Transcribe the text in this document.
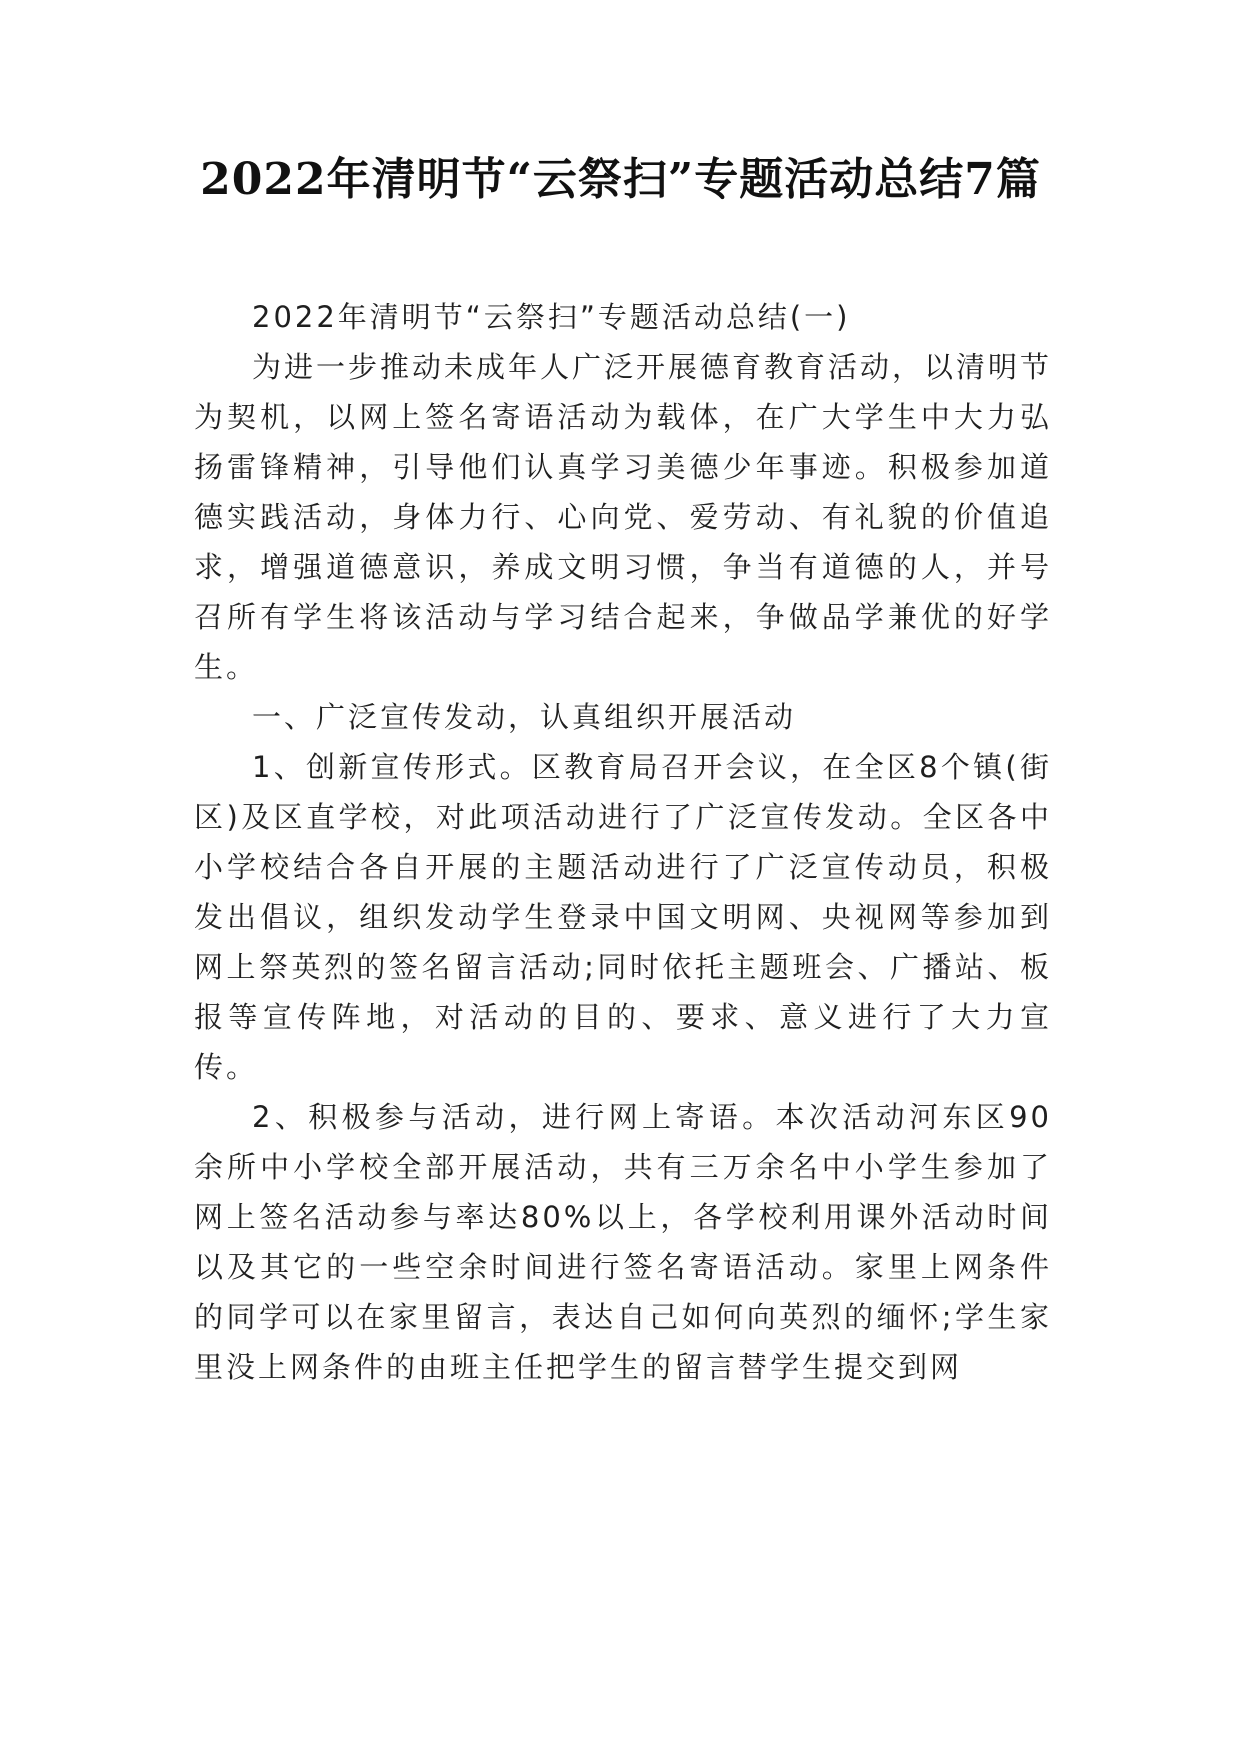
2022年清明节“云祭扫”专题活动总结7篇

2022年清明节“云祭扫”专题活动总结(一)

为进一步推动未成年人广泛开展德育教育活动，以清明节为契机，以网上签名寄语活动为载体，在广大学生中大力弘扬雷锋精神，引导他们认真学习美德少年事迹。积极参加道德实践活动，身体力行、心向党、爱劳动、有礼貌的价值追求，增强道德意识，养成文明习惯，争当有道德的人，并号召所有学生将该活动与学习结合起来，争做品学兼优的好学生。

一、广泛宣传发动，认真组织开展活动

1、创新宣传形式。区教育局召开会议，在全区8个镇(街区)及区直学校，对此项活动进行了广泛宣传发动。全区各中小学校结合各自开展的主题活动进行了广泛宣传动员，积极发出倡议，组织发动学生登录中国文明网、央视网等参加到网上祭英烈的签名留言活动;同时依托主题班会、广播站、板报等宣传阵地，对活动的目的、要求、意义进行了大力宣传。

2、积极参与活动，进行网上寄语。本次活动河东区90余所中小学校全部开展活动，共有三万余名中小学生参加了网上签名活动参与率达80%以上，各学校利用课外活动时间以及其它的一些空余时间进行签名寄语活动。家里上网条件的同学可以在家里留言，表达自己如何向英烈的缅怀;学生家里没上网条件的由班主任把学生的留言替学生提交到网
